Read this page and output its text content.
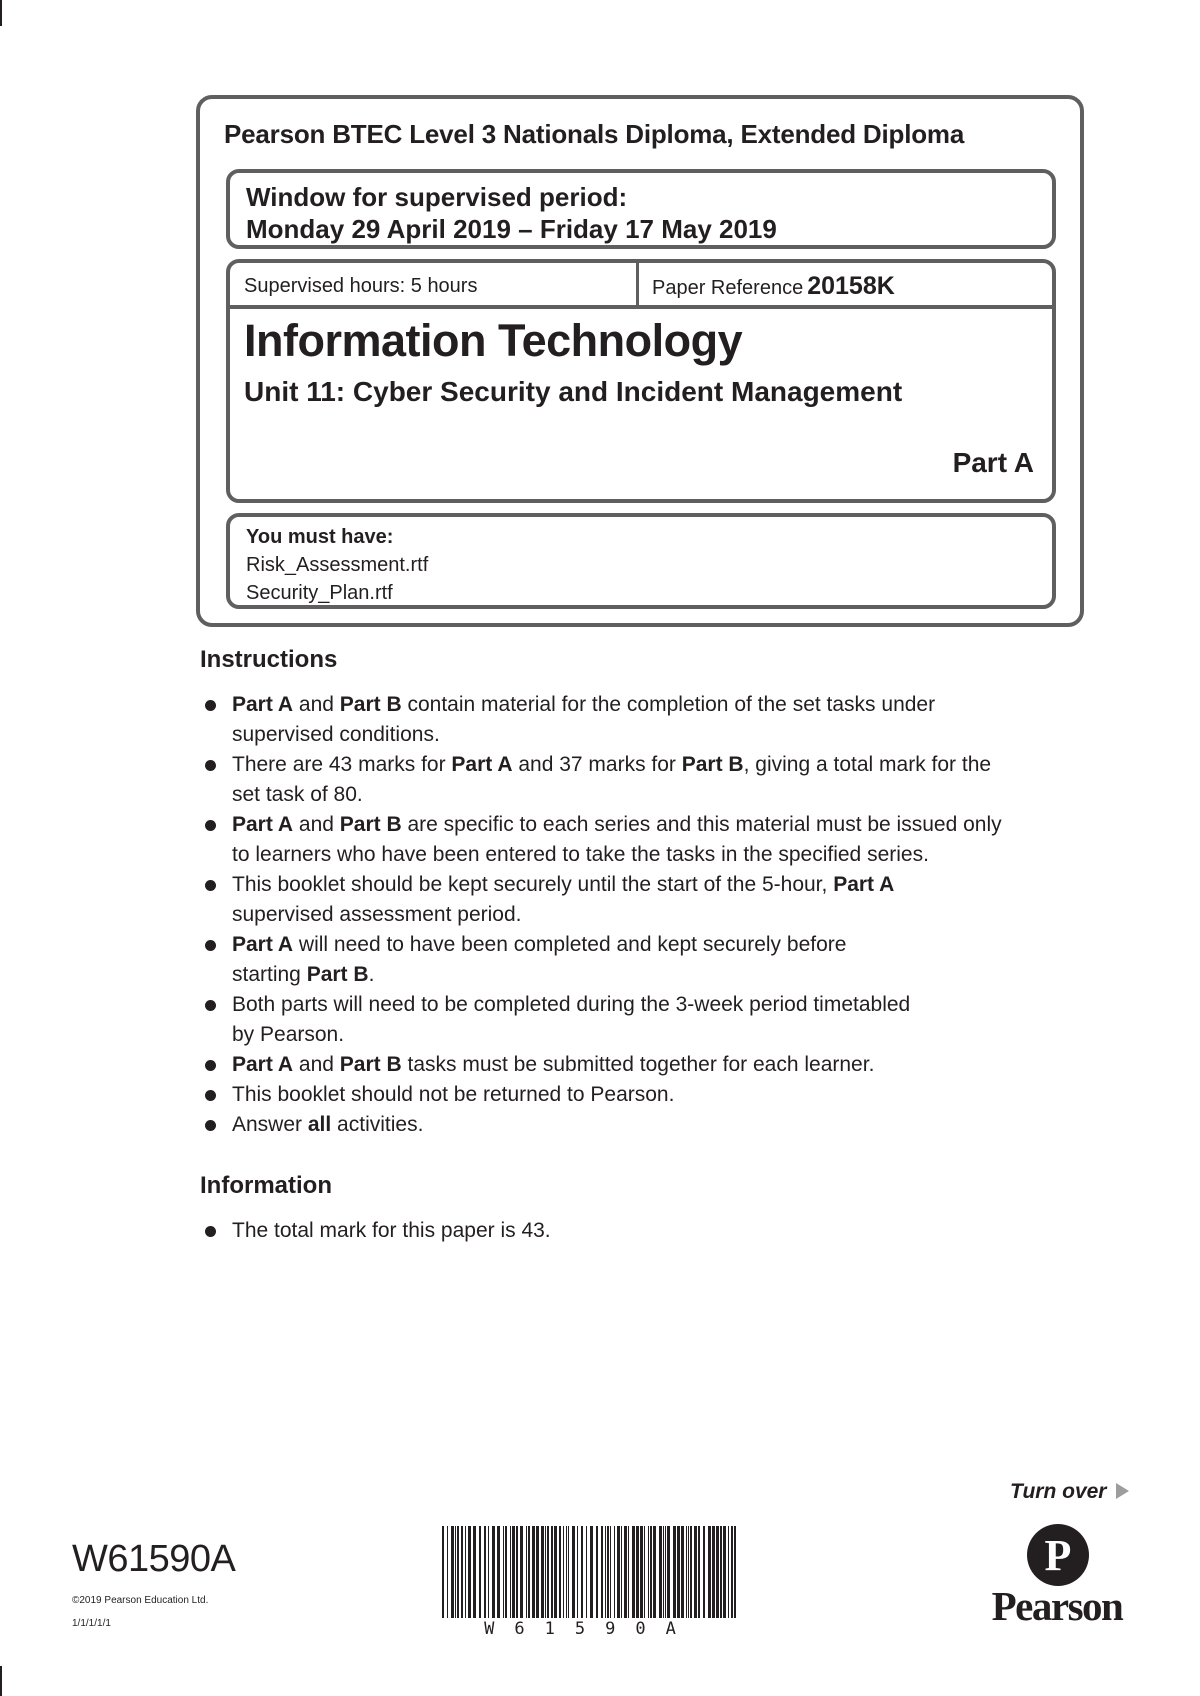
Pearson BTEC Level 3 Nationals Diploma, Extended Diploma
Window for supervised period:
Monday 29 April 2019 – Friday 17 May 2019
Supervised hours: 5 hours	Paper Reference 20158K
Information Technology
Unit 11: Cyber Security and Incident Management
Part A
You must have:
Risk_Assessment.rtf
Security_Plan.rtf
Instructions
Part A and Part B contain material for the completion of the set tasks under
supervised conditions.
There are 43 marks for Part A and 37 marks for Part B, giving a total mark for the
set task of 80.
Part A and Part B are specific to each series and this material must be issued only
to learners who have been entered to take the tasks in the specified series.
This booklet should be kept securely until the start of the 5-hour, Part A
supervised assessment period.
Part A will need to have been completed and kept securely before
starting Part B.
Both parts will need to be completed during the 3-week period timetabled
by Pearson.
Part A and Part B tasks must be submitted together for each learner.
This booklet should not be returned to Pearson.
Answer all activities.
Information
The total mark for this paper is 43.
Turn over
W61590A
©2019 Pearson Education Ltd.
1/1/1/1/1	W61590A
P
Pearson
